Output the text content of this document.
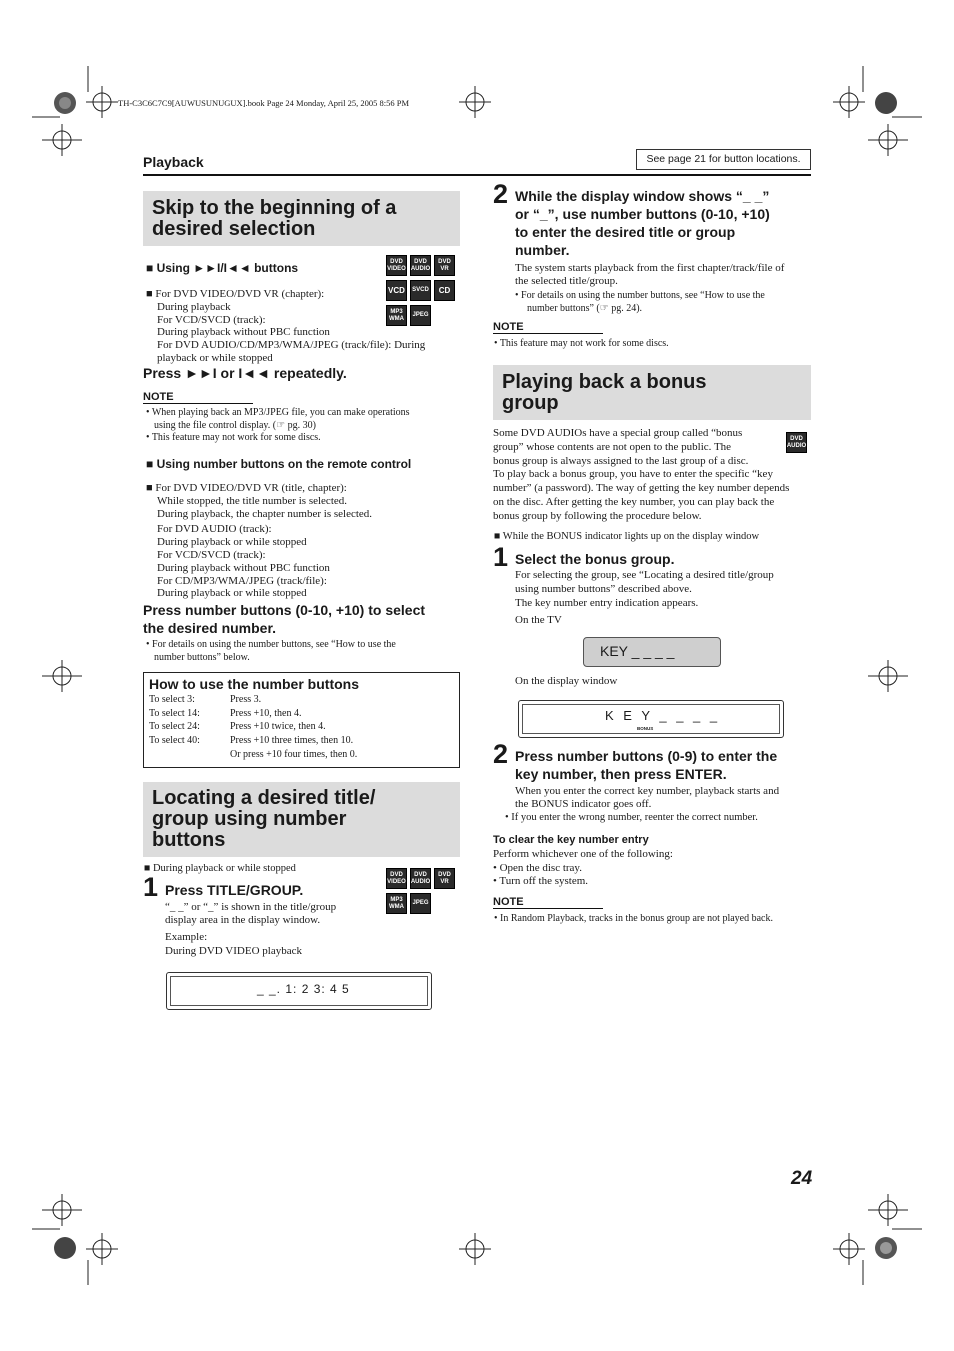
TH-C3C6C7C9[AUWUSUNUGUX].book Page 24 Monday, April 25, 2005 8:56 PM
Playback	See page 21 for button locations.
Skip to the beginning of a
desired selection
■ Using ►►I/I◄◄ buttons	DVD VIDEO
DVD AUDIO
DVD VR
VCD	SVCD	CD
MP3 WMA
JPEG
■ For DVD VIDEO/DVD VR (chapter):
During playback
For VCD/SVCD (track):
During playback without PBC function
For DVD AUDIO/CD/MP3/WMA/JPEG (track/file): During
playback or while stopped
Press ►►I or I◄◄ repeatedly.
NOTE
• When playing back an MP3/JPEG file, you can make operations
using the file control display. (☞ pg. 30)
• This feature may not work for some discs.
■ Using number buttons on the remote control
■ For DVD VIDEO/DVD VR (title, chapter):
While stopped, the title number is selected.
During playback, the chapter number is selected.
For DVD AUDIO (track):
During playback or while stopped
For VCD/SVCD (track):
During playback without PBC function
For CD/MP3/WMA/JPEG (track/file):
During playback or while stopped
Press number buttons (0-10, +10) to select
the desired number.
• For details on using the number buttons, see “How to use the
number buttons” below.
How to use the number buttons
To select 3:	Press 3.
To select 14:	Press +10, then 4.
To select 24:	Press +10 twice, then 4.
To select 40:	Press +10 three times, then 10.
Or press +10 four times, then 0.
Locating a desired title/
group using number
buttons
■ During playback or while stopped
1 Press TITLE/GROUP.
DVD VIDEO
DVD AUDIO
DVD VR
MP3 WMA
JPEG
“_ _” or “_” is shown in the title/group
display area in the display window.
Example:
During DVD VIDEO playback
_ _. 1: 2 3: 4 5
2 While the display window shows “_ _”
or “_”, use number buttons (0-10, +10)
to enter the desired title or group
number.
The system starts playback from the first chapter/track/file of
the selected title/group.
• For details on using the number buttons, see “How to use the
number buttons” (☞ pg. 24).
NOTE
• This feature may not work for some discs.
Playing back a bonus
group
DVD AUDIO
Some DVD AUDIOs have a special group called “bonus
group” whose contents are not open to the public. The
bonus group is always assigned to the last group of a disc.
To play back a bonus group, you have to enter the specific “key
number” (a password). The way of getting the key number depends
on the disc. After getting the key number, you can play back the
bonus group by following the procedure below.
■ While the BONUS indicator lights up on the display window
1 Select the bonus group.
For selecting the group, see “Locating a desired title/group
using number buttons” described above.
The key number entry indication appears.
On the TV
KEY _ _ _ _
On the display window
K E Y _ _ _ _
BONUS
2 Press number buttons (0-9) to enter the
key number, then press ENTER.
When you enter the correct key number, playback starts and
the BONUS indicator goes off.
• If you enter the wrong number, reenter the correct number.
To clear the key number entry
Perform whichever one of the following:
• Open the disc tray.
• Turn off the system.
NOTE
• In Random Playback, tracks in the bonus group are not played back.
24
